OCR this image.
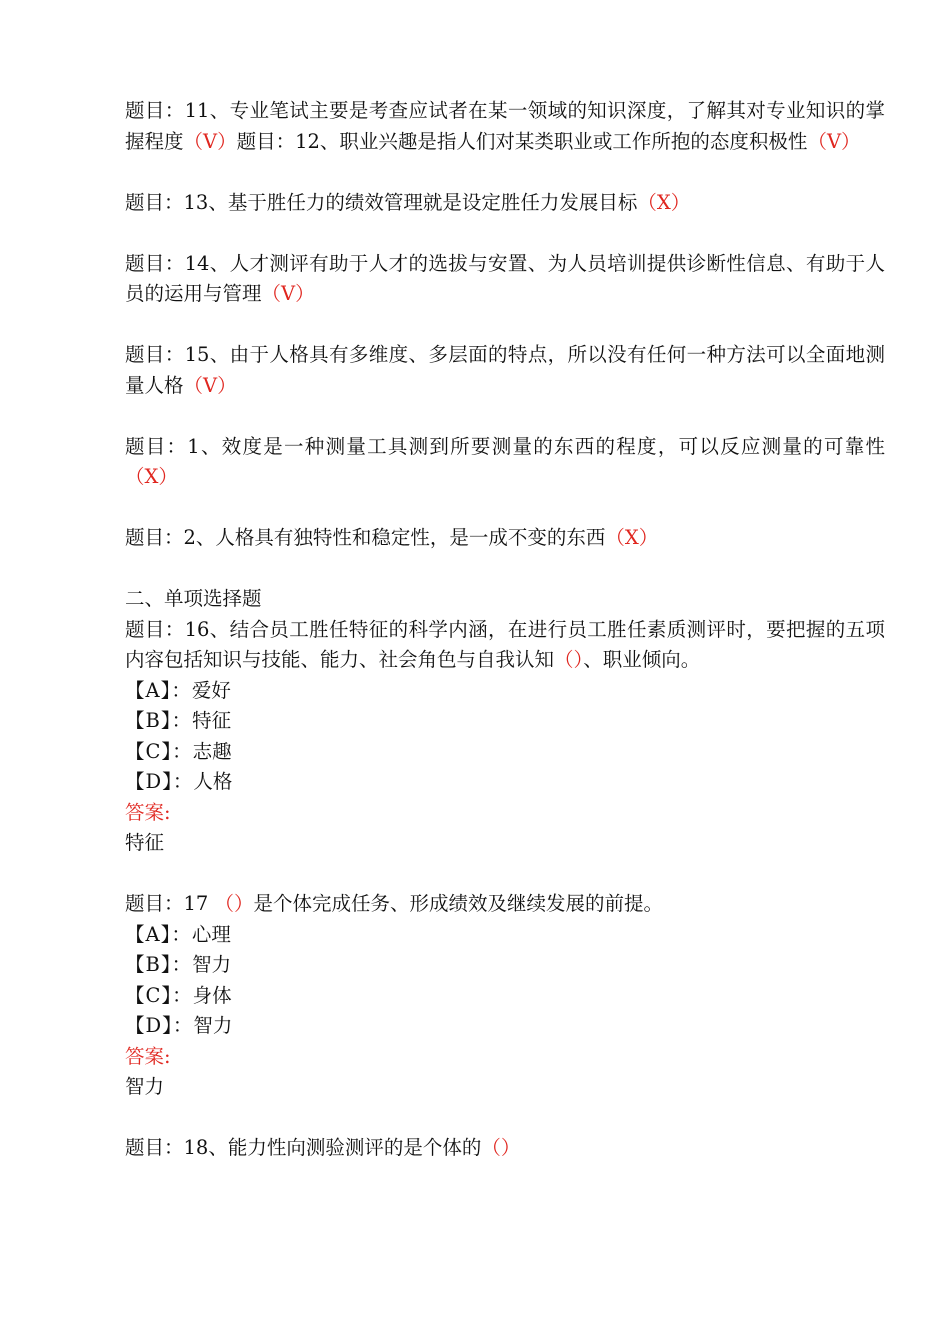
题目：11、专业笔试主要是考查应试者在某一领域的知识深度，了解其对专业知识的掌握程度（V）题目：12、职业兴趣是指人们对某类职业或工作所抱的态度积极性（V）

题目：13、基于胜任力的绩效管理就是设定胜任力发展目标（X）

题目：14、人才测评有助于人才的选拔与安置、为人员培训提供诊断性信息、有助于人员的运用与管理（V）

题目：15、由于人格具有多维度、多层面的特点，所以没有任何一种方法可以全面地测量人格（V）

题目：1、效度是一种测量工具测到所要测量的东西的程度，可以反应测量的可靠性（X）

题目：2、人格具有独特性和稳定性，是一成不变的东西（X）

二、单项选择题

题目：16、结合员工胜任特征的科学内涵，在进行员工胜任素质测评时，要把握的五项内容包括知识与技能、能力、社会角色与自我认知（）、职业倾向。

【A】：爱好
【B】：特征
【C】：志趣
【D】：人格
答案:
特征

题目：17 （）是个体完成任务、形成绩效及继续发展的前提。

【A】：心理
【B】：智力
【C】：身体
【D】：智力
答案:
智力

题目：18、能力性向测验测评的是个体的（）
